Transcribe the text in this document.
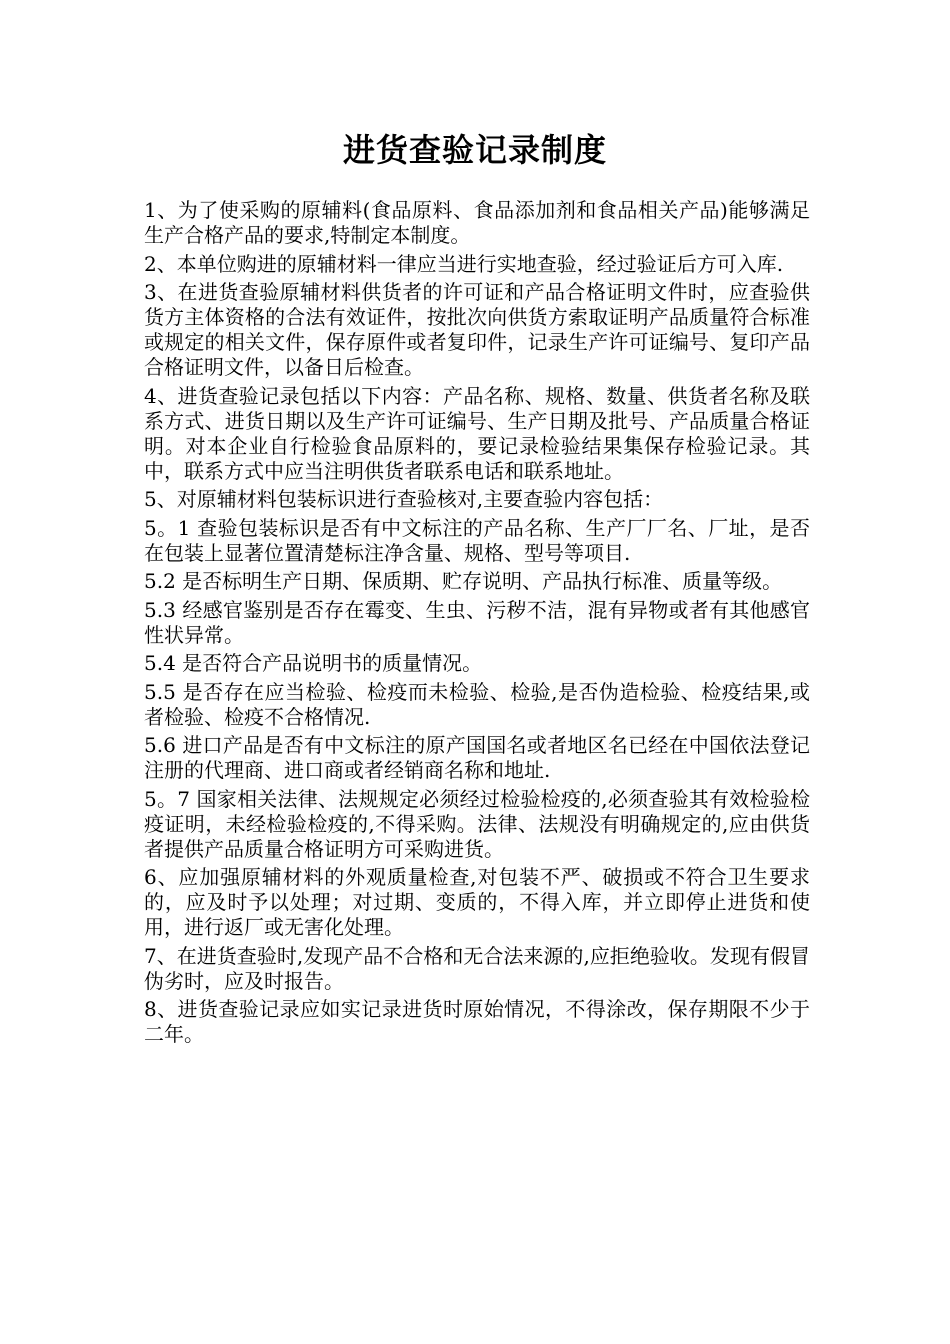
进货查验记录制度

1、为了使采购的原辅料(食品原料、食品添加剂和食品相关产品)能够满足　生产合格产品的要求,特制定本制度。

2、本单位购进的原辅材料一律应当进行实地查验，经过验证后方可入库.

3、在进货查验原辅材料供货者的许可证和产品合格证明文件时，应查验供货方主体资格的合法有效证件，按批次向供货方索取证明产品质量符合标准或规定的相关文件，保存原件或者复印件，记录生产许可证编号、复印产品合格证明文件，以备日后检查。

4、进货查验记录包括以下内容：产品名称、规格、数量、供货者名称及联系方式、进货日期以及生产许可证编号、生产日期及批号、产品质量合格证明。对本企业自行检验食品原料的，要记录检验结果集保存检验记录。其中，联系方式中应当注明供货者联系电话和联系地址。

5、对原辅材料包装标识进行查验核对,主要查验内容包括：

5。1 查验包装标识是否有中文标注的产品名称、生产厂厂名、厂址，是否在包装上显著位置清楚标注净含量、规格、型号等项目.

5.2 是否标明生产日期、保质期、贮存说明、产品执行标准、质量等级。

5.3 经感官鉴别是否存在霉变、生虫、污秽不洁，混有异物或者有其他感官性状异常。

5.4 是否符合产品说明书的质量情况。

5.5 是否存在应当检验、检疫而未检验、检验,是否伪造检验、检疫结果,或者检验、检疫不合格情况.

5.6 进口产品是否有中文标注的原产国国名或者地区名已经在中国依法登记注册的代理商、进口商或者经销商名称和地址.

5。7 国家相关法律、法规规定必须经过检验检疫的,必须查验其有效检验检疫证明，未经检验检疫的,不得采购。法律、法规没有明确规定的,应由供货者提供产品质量合格证明方可采购进货。

6、应加强原辅材料的外观质量检查,对包装不严、破损或不符合卫生要求的，应及时予以处理；对过期、变质的，不得入库，并立即停止进货和使用，进行返厂或无害化处理。

7、在进货查验时,发现产品不合格和无合法来源的,应拒绝验收。发现有假冒伪劣时，应及时报告。

8、进货查验记录应如实记录进货时原始情况，不得涂改，保存期限不少于二年。
